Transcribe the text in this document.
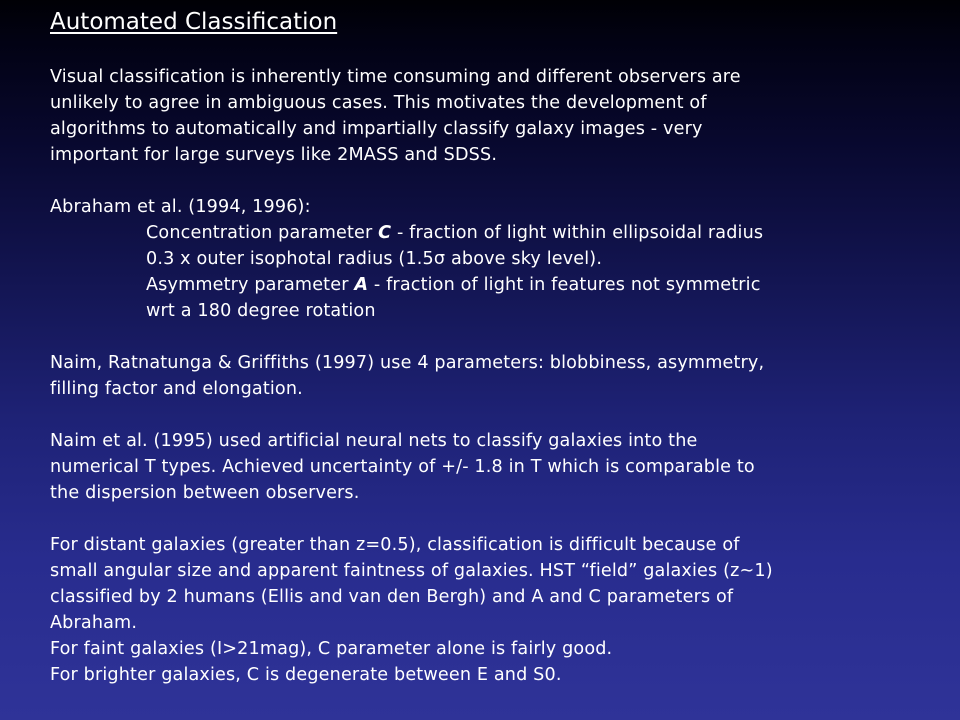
Automated Classification
Visual classification is inherently time consuming and different observers are
unlikely to agree in ambiguous cases. This motivates the development of
algorithms to automatically and impartially classify galaxy images - very
important for large surveys like 2MASS and SDSS.
Abraham et al. (1994, 1996):
Concentration parameter C - fraction of light within ellipsoidal radius
0.3 x outer isophotal radius (1.5σ above sky level).
Asymmetry parameter A - fraction of light in features not symmetric
wrt a 180 degree rotation
Naim, Ratnatunga & Griffiths (1997) use 4 parameters: blobbiness, asymmetry,
filling factor and elongation.
Naim et al. (1995) used artificial neural nets to classify galaxies into the
numerical T types. Achieved uncertainty of +/- 1.8 in T which is comparable to
the dispersion between observers.
For distant galaxies (greater than z=0.5), classification is difficult because of
small angular size and apparent faintness of galaxies. HST “field” galaxies (z~1)
classified by 2 humans (Ellis and van den Bergh) and A and C parameters of
Abraham.
For faint galaxies (I>21mag), C parameter alone is fairly good.
For brighter galaxies, C is degenerate between E and S0.
